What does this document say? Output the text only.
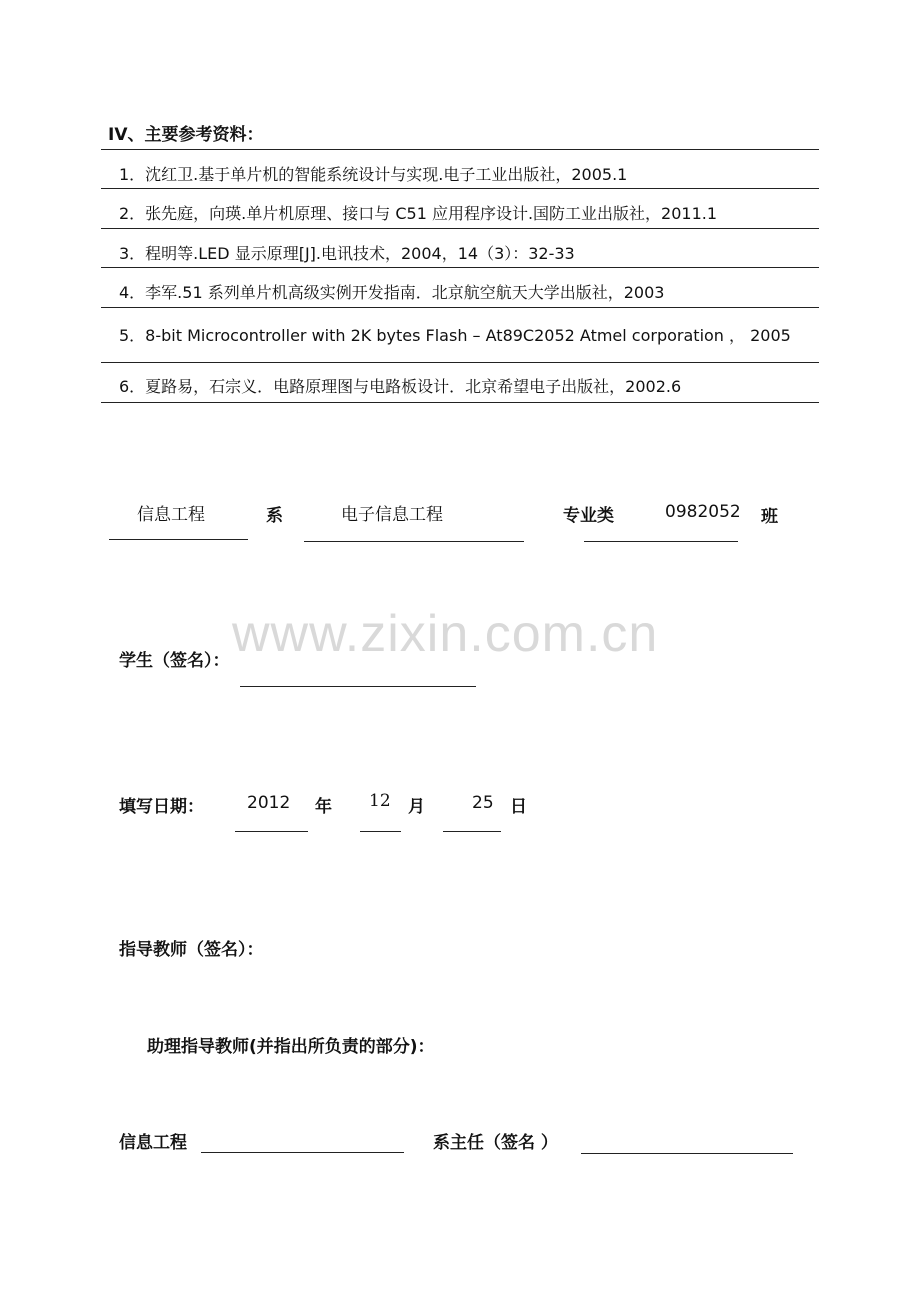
IV、主要参考资料：
1．沈红卫.基于单片机的智能系统设计与实现.电子工业出版社，2005.1
2．张先庭，向瑛.单片机原理、接口与 C51 应用程序设计.国防工业出版社，2011.1
3．程明等.LED 显示原理[J].电讯技术，2004，14（3）：32-33
4．李军.51 系列单片机高级实例开发指南．北京航空航天大学出版社，2003
5．8-bit Microcontroller with 2K bytes Flash – At89C2052 Atmel corporation ， 2005
6．夏路易，石宗义．电路原理图与电路板设计．北京希望电子出版社，2002.6
信息工程	系	电子信息工程	专业类	0982052 班
www.zixin.com.cn
学生（签名）：
填写日期：	2012 年 12 月	25 日
指导教师（签名）：
助理指导教师(并指出所负责的部分)：
信息工程	系主任（签名 ）
